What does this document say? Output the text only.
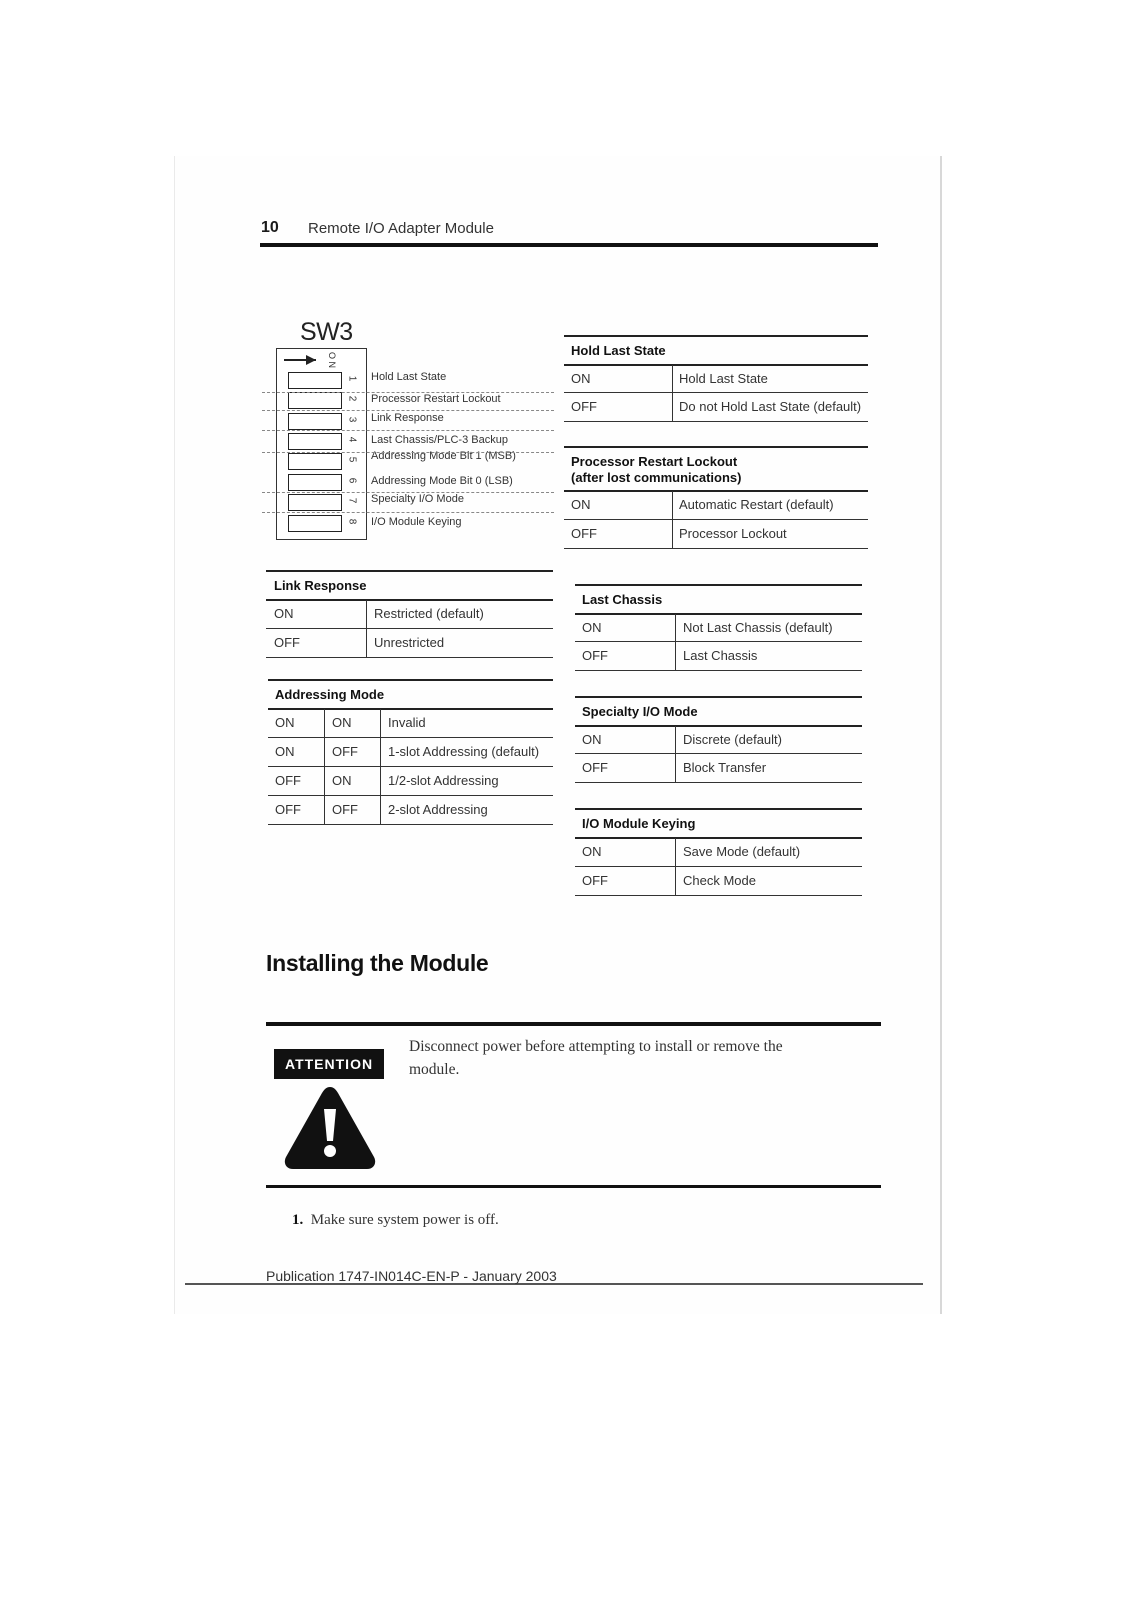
10 Remote I/O Adapter Module
SW3
O N
1 Hold Last State
2 Processor Restart Lockout
3 Link Response
4 Last Chassis/PLC-3 Backup
5 Addressing Mode Bit 1 (MSB)
6 Addressing Mode Bit 0 (LSB)
7 Specialty I/O Mode
8 I/O Module Keying
Hold Last State
ON	Hold Last State
OFF	Do not Hold Last State (default)
Processor Restart Lockout
(after lost communications)
ON	Automatic Restart (default)
OFF	Processor Lockout
Link Response
ON	Restricted (default)
OFF	Unrestricted
Last Chassis
ON	Not Last Chassis (default)
OFF	Last Chassis
Addressing Mode
ON	ON	Invalid
ON	OFF 1-slot Addressing (default)
OFF ON	1/2-slot Addressing
OFF OFF 2-slot Addressing
Specialty I/O Mode
ON	Discrete (default)
OFF	Block Transfer
I/O Module Keying
ON	Save Mode (default)
OFF	Check Mode
Installing the Module
ATTENTION
Disconnect power before attempting to install or remove the
module.
1. Make sure system power is off.
Publication 1747-IN014C-EN-P - January 2003
